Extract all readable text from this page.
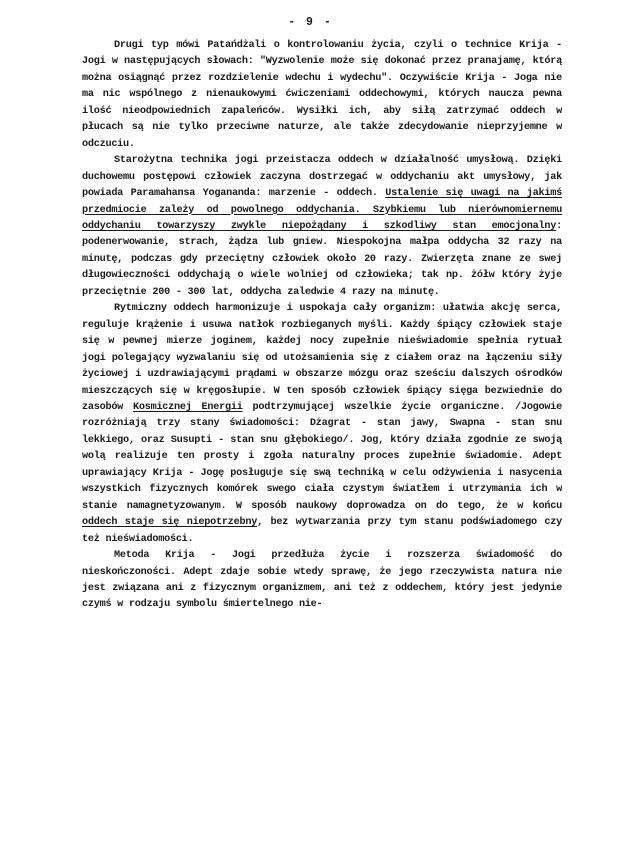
- 9 -

Drugi typ mówi Patańdżali o kontrolowaniu życia, czyli o technice Krija - Jogi w następujących słowach: "Wyzwolenie może się dokonać przez pranajamę, którą można osiągnąć przez rozdzielenie wdechu i wydechu". Oczywiście Krija - Joga nie ma nic wspólnego z nienaukowymi ćwiczeniami oddechowymi, których naucza pewna ilość nieodpowiednich zapaleńców. Wysiłki ich, aby siłą zatrzymać oddech w płucach są nie tylko przeciwne naturze, ale także zdecydowanie nieprzyjemne w odczuciu.

Starożytna technika jogi przeistacza oddech w działalność umysłową. Dzięki duchowemu postępowi człowiek zaczyna dostrzegać w oddychaniu akt umysłowy, jak powiada Paramahansa Yogananda: marzenie - oddech. Ustalenie się uwagi na jakimś przedmiocie zależy od powolnego oddychania. Szybkiemu lub nierównomiernemu oddychaniu towarzyszy zwykle niepożądany i szkodliwy stan emocjonalny: podenerwowanie, strach, żądza lub gniew. Niespokojna małpa oddycha 32 razy na minutę, podczas gdy przeciętny człowiek około 20 razy. Zwierzęta znane ze swej długowieczności oddychają o wiele wolniej od człowieka; tak np. żółw który żyje przeciętnie 200 - 300 lat, oddycha zaledwie 4 razy na minutę.

Rytmiczny oddech harmonizuje i uspokaja cały organizm: ułatwia akcję serca, reguluje krążenie i usuwa natłok rozbieganych myśli. Każdy śpiący człowiek staje się w pewnej mierze joginem, każdej nocy zupełnie nieświadomie spełnia rytuał jogi polegający wyzwalaniu się od utożsamienia się z ciałem oraz na łączeniu siły życiowej i uzdrawiającymi prądami w obszarze mózgu oraz sześciu dalszych ośrodków mieszczących się w kręgosłupie. W ten sposób człowiek śpiący sięga bezwiednie do zasobów Kosmicznej Energii podtrzymującej wszelkie życie organiczne. /Jogowie rozróżniają trzy stany świadomości: Dżagrat - stan jawy, Swapna - stan snu lekkiego, oraz Susupti - stan snu głębokiego/. Jog, który działa zgodnie ze swoją wolą realizuje ten prosty i zgoła naturalny proces zupełnie świadomie. Adept uprawiający Krija - Jogę posługuje się swą techniką w celu odżywienia i nasycenia wszystkich fizycznych komórek swego ciała czystym światłem i utrzymania ich w stanie namagnetyzowanym. W sposób naukowy doprowadza on do tego, że w końcu oddech staje się niepotrzebny, bez wytwarzania przy tym stanu podświadomego czy też nieświadomości.

Metoda Krija - Jogi przedłuża życie i rozszerza świadomość do nieskończoności. Adept zdaje sobie wtedy sprawę, że jego rzeczywista natura nie jest związana ani z fizycznym organizmem, ani też z oddechem, który jest jedynie czymś w rodzaju symbolu śmiertelnego nie-
